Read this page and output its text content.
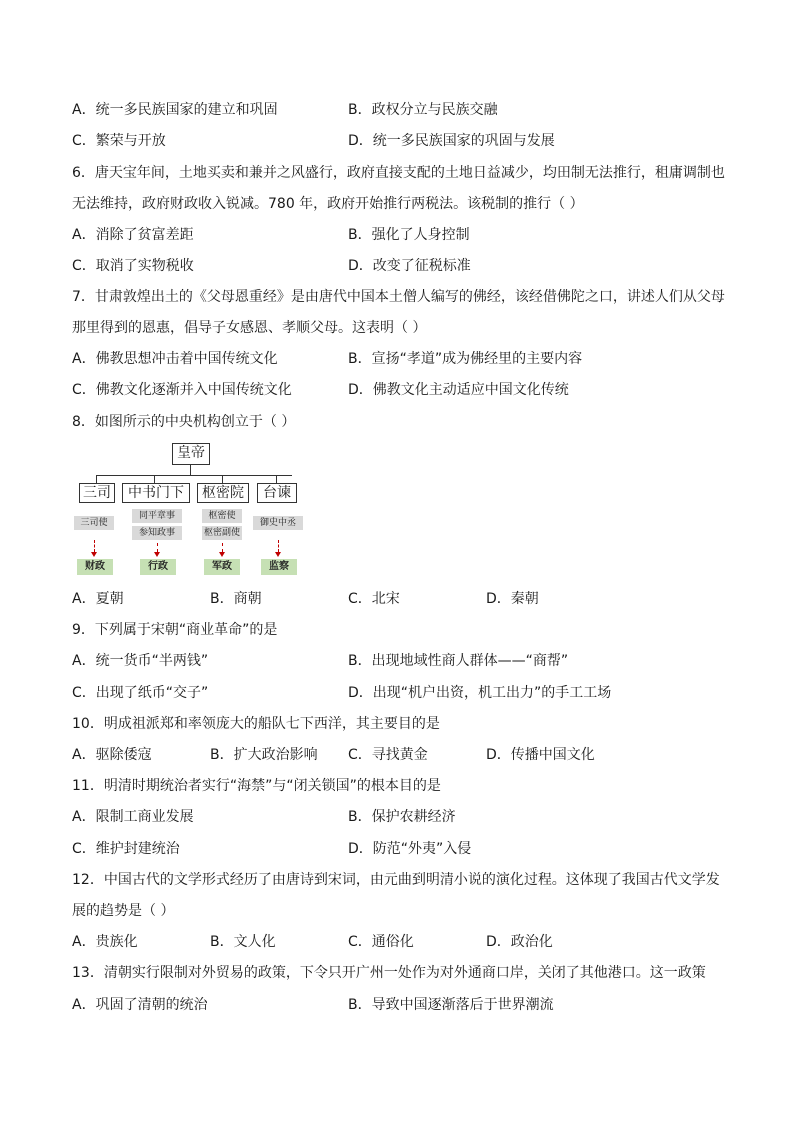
A．统一多民族国家的建立和巩固	B．政权分立与民族交融
C．繁荣与开放	D．统一多民族国家的巩固与发展
6．唐天宝年间，土地买卖和兼并之风盛行，政府直接支配的土地日益减少，均田制无法推行，租庸调制也
无法维持，政府财政收入锐减。780 年，政府开始推行两税法。该税制的推行（ ）
A．消除了贫富差距	B．强化了人身控制
C．取消了实物税收	D．改变了征税标准
7．甘肃敦煌出土的《父母恩重经》是由唐代中国本土僧人编写的佛经，该经借佛陀之口，讲述人们从父母
那里得到的恩惠，倡导子女感恩、孝顺父母。这表明（ ）
A．佛教思想冲击着中国传统文化	B．宣扬“孝道”成为佛经里的主要内容
C．佛教文化逐渐并入中国传统文化	D．佛教文化主动适应中国文化传统
8．如图所示的中央机构创立于（ ）
皇帝
三司	中书门下	枢密院	台谏
三司使
同平章事
参知政事
枢密使
枢密副使
御史中丞
财政	行政	军政	监察
A．夏朝	B．商朝	C．北宋	D．秦朝
9．下列属于宋朝“商业革命”的是
A．统一货币“半两钱”	B．出现地域性商人群体——“商帮”
C．出现了纸币“交子”	D．出现“机户出资，机工出力”的手工工场
10．明成祖派郑和率领庞大的船队七下西洋，其主要目的是
A．驱除倭寇	B．扩大政治影响 C．寻找黄金	D．传播中国文化
11．明清时期统治者实行“海禁”与“闭关锁国”的根本目的是
A．限制工商业发展	B．保护农耕经济
C．维护封建统治	D．防范“外夷”入侵
12．中国古代的文学形式经历了由唐诗到宋词，由元曲到明清小说的演化过程。这体现了我国古代文学发
展的趋势是（ ）
A．贵族化	B．文人化	C．通俗化	D．政治化
13．清朝实行限制对外贸易的政策，下令只开广州一处作为对外通商口岸，关闭了其他港口。这一政策
A．巩固了清朝的统治	B．导致中国逐渐落后于世界潮流
